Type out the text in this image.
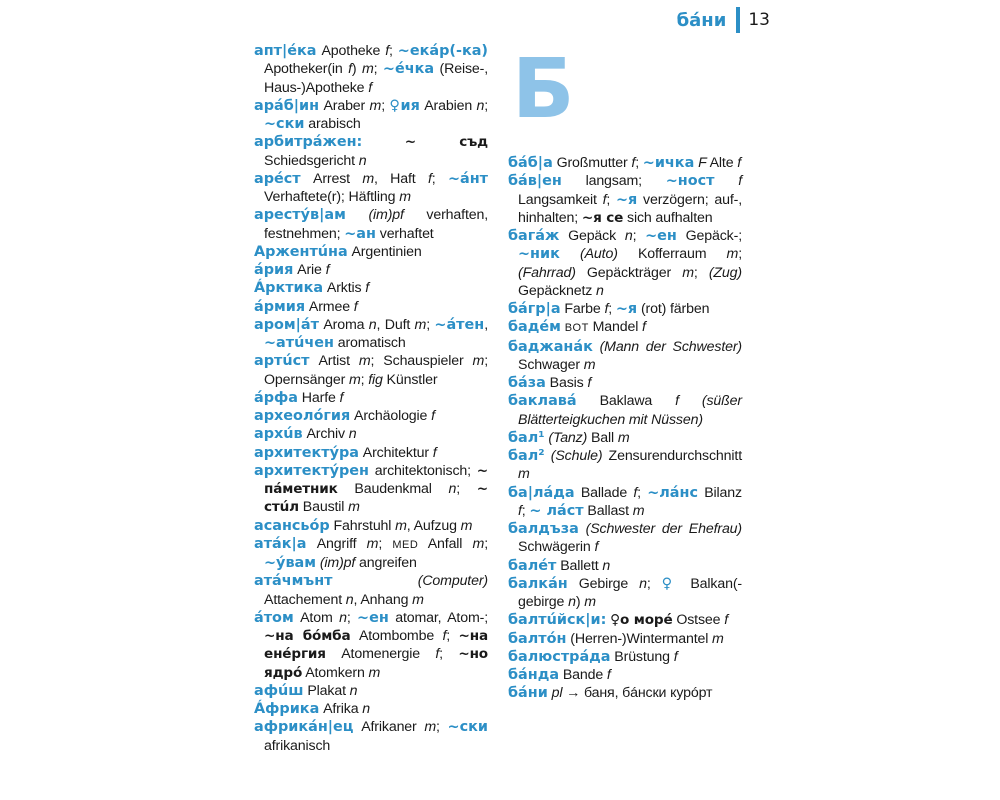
бáни 13
Б
апт|éка Apotheke f; ~екáр(-ка) Apotheker(in f) m; ~éчка (Reise-, Haus-)Apotheke f
арáб|ин Araber m; ♀ия Arabien n; ~ски arabisch
арбитрáжен:	~ съд Schiedsgericht n
арéст Arrest m, Haft f; ~áнт Verhaftete(r); Häftling m
арестýв|ам (im)pf verhaften, festnehmen; ~ан verhaftet
Аржентúна Argentinien
áрия Arie f
Áрктика Arktis f
áрмия Armee f
аром|áт Aroma n, Duft m; ~áтен, ~атúчен aromatisch
артúст Artist m; Schauspieler m; Opernsänger m; fig Künstler
áрфа Harfe f
археолóгия Archäologie f
архúв Archiv n
архитектýра Architektur f
архитектýрен architektonisch; ~ пáметник Baudenkmal n; ~ стúл Baustil m
асансьóр Fahrstuhl m, Aufzug m
атáк|а Angriff m; MED Anfall m; ~ýвам (im)pf angreifen
атáчмънт	(Computer) Attachement n, Anhang m
áтом Atom n; ~ен atomar, Atom-; ~на бóмба Atombombe f; ~на енéргия Atomenergie f; ~но ядрó Atomkern m
афúш Plakat n
Áфрика Afrika n
африкáн|ец Afrikaner m; ~ски afrikanisch
бáб|а Großmutter f; ~ичка F Alte f
бáв|ен langsam; ~ност f Langsamkeit f; ~я verzögern; auf-, hinhalten; ~я се sich aufhalten
багáж Gepäck n; ~ен Gepäck-; ~ник (Auto) Kofferraum m; (Fahrrad) Gepäckträger m; (Zug) Gepäcknetz n
бáгр|а Farbe f; ~я (rot) färben
бадéм BOT Mandel f
баджанáк (Mann der Schwester) Schwager m
бáза Basis f
баклавá Baklawa f (süßer Blätterteigkuchen mit Nüssen)
бал¹ (Tanz) Ball m
бал² (Schule) Zensurendurchschnitt m
ба|лáда Ballade f; ~лáнс Bilanz f; ~ лáст Ballast m
балдъза (Schwester der Ehefrau) Schwägerin f
балéт Ballett n
балкáн Gebirge n; ♀ Balkan(-gebirge n) m
балтúйск|и: ♀о морé Ostsee f
балтóн (Herren-)Wintermantel m
балюстрáда Brüstung f
бáнда Bande f
бáни pl → баня, бáнски курóрт
